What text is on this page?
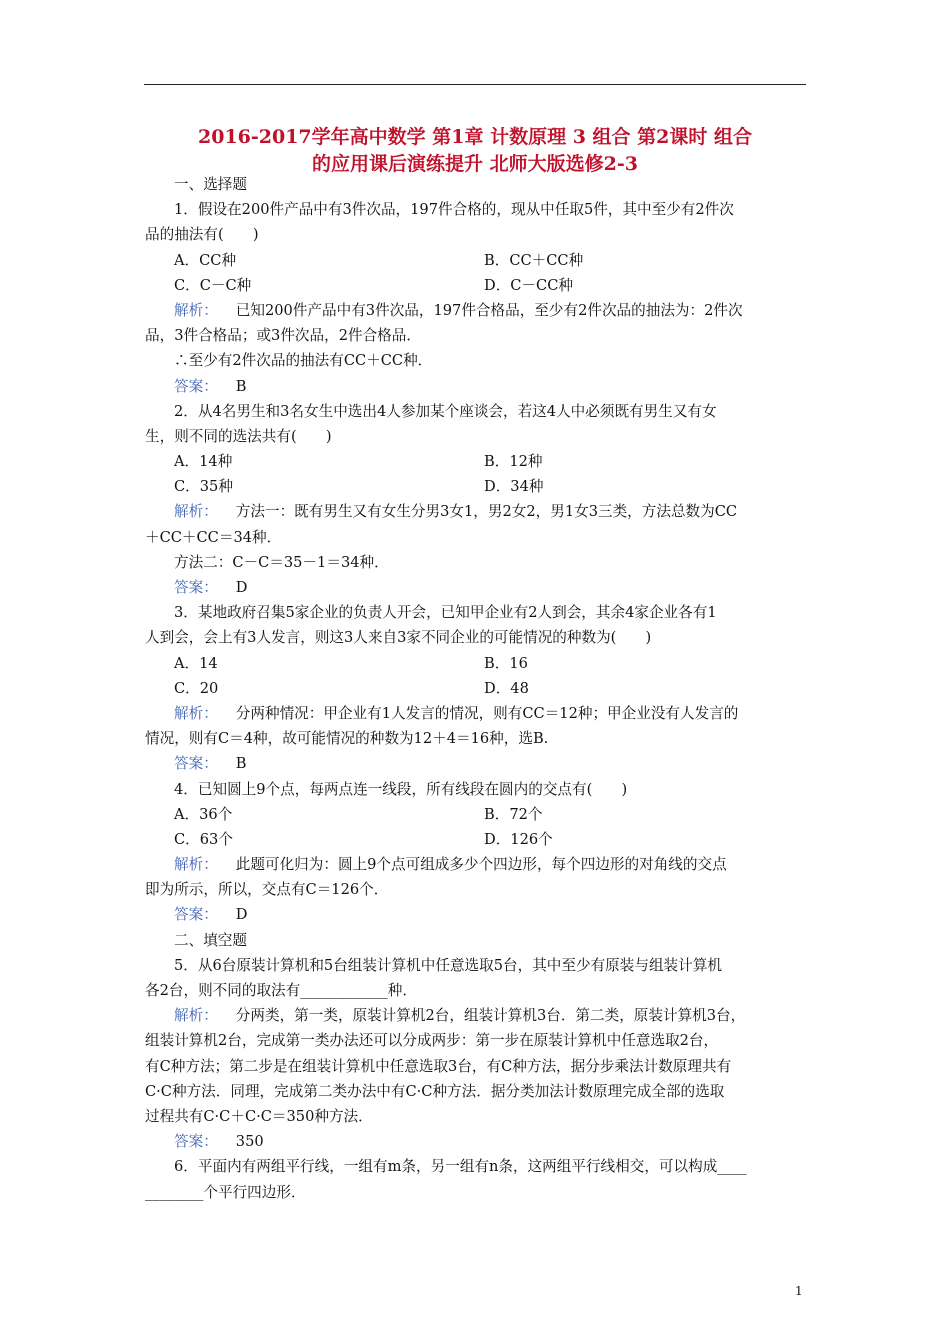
2016-2017学年高中数学 第1章 计数原理 3 组合 第2课时 组合
的应用课后演练提升 北师大版选修2-3
一、选择题
1．假设在200件产品中有3件次品，197件合格的，现从中任取5件，其中至少有2件次
品的抽法有(　　)
A．CC种	B．CC＋CC种
C．C－C种	D．C－CC种
解析： 已知200件产品中有3件次品，197件合格品，至少有2件次品的抽法为：2件次
品，3件合格品；或3件次品，2件合格品．
∴至少有2件次品的抽法有CC＋CC种．
答案： B
2．从4名男生和3名女生中选出4人参加某个座谈会，若这4人中必须既有男生又有女
生，则不同的选法共有(　　)
A．14种	B．12种
C．35种	D．34种
解析： 方法一：既有男生又有女生分男3女1，男2女2，男1女3三类，方法总数为CC
＋CC＋CC＝34种．
方法二：C－C＝35－1＝34种．
答案： D
3．某地政府召集5家企业的负责人开会，已知甲企业有2人到会，其余4家企业各有1
人到会，会上有3人发言，则这3人来自3家不同企业的可能情况的种数为(　　)
A．14	B．16
C．20	D．48
解析： 分两种情况：甲企业有1人发言的情况，则有CC＝12种；甲企业没有人发言的
情况，则有C＝4种，故可能情况的种数为12＋4＝16种，选B.
答案： B
4．已知圆上9个点，每两点连一线段，所有线段在圆内的交点有(　　)
A．36个	B．72个
C．63个	D．126个
解析： 此题可化归为：圆上9个点可组成多少个四边形，每个四边形的对角线的交点
即为所示，所以，交点有C＝126个．
答案： D
二、填空题
5．从6台原装计算机和5台组装计算机中任意选取5台，其中至少有原装与组装计算机
各2台，则不同的取法有____________种．
解析： 分两类，第一类，原装计算机2台，组装计算机3台．第二类，原装计算机3台，
组装计算机2台，完成第一类办法还可以分成两步：第一步在原装计算机中任意选取2台，
有C种方法；第二步是在组装计算机中任意选取3台，有C种方法，据分步乘法计数原理共有
C·C种方法．同理，完成第二类办法中有C·C种方法．据分类加法计数原理完成全部的选取
过程共有C·C＋C·C＝350种方法．
答案： 350
6．平面内有两组平行线，一组有m条，另一组有n条，这两组平行线相交，可以构成____
________个平行四边形．
1
